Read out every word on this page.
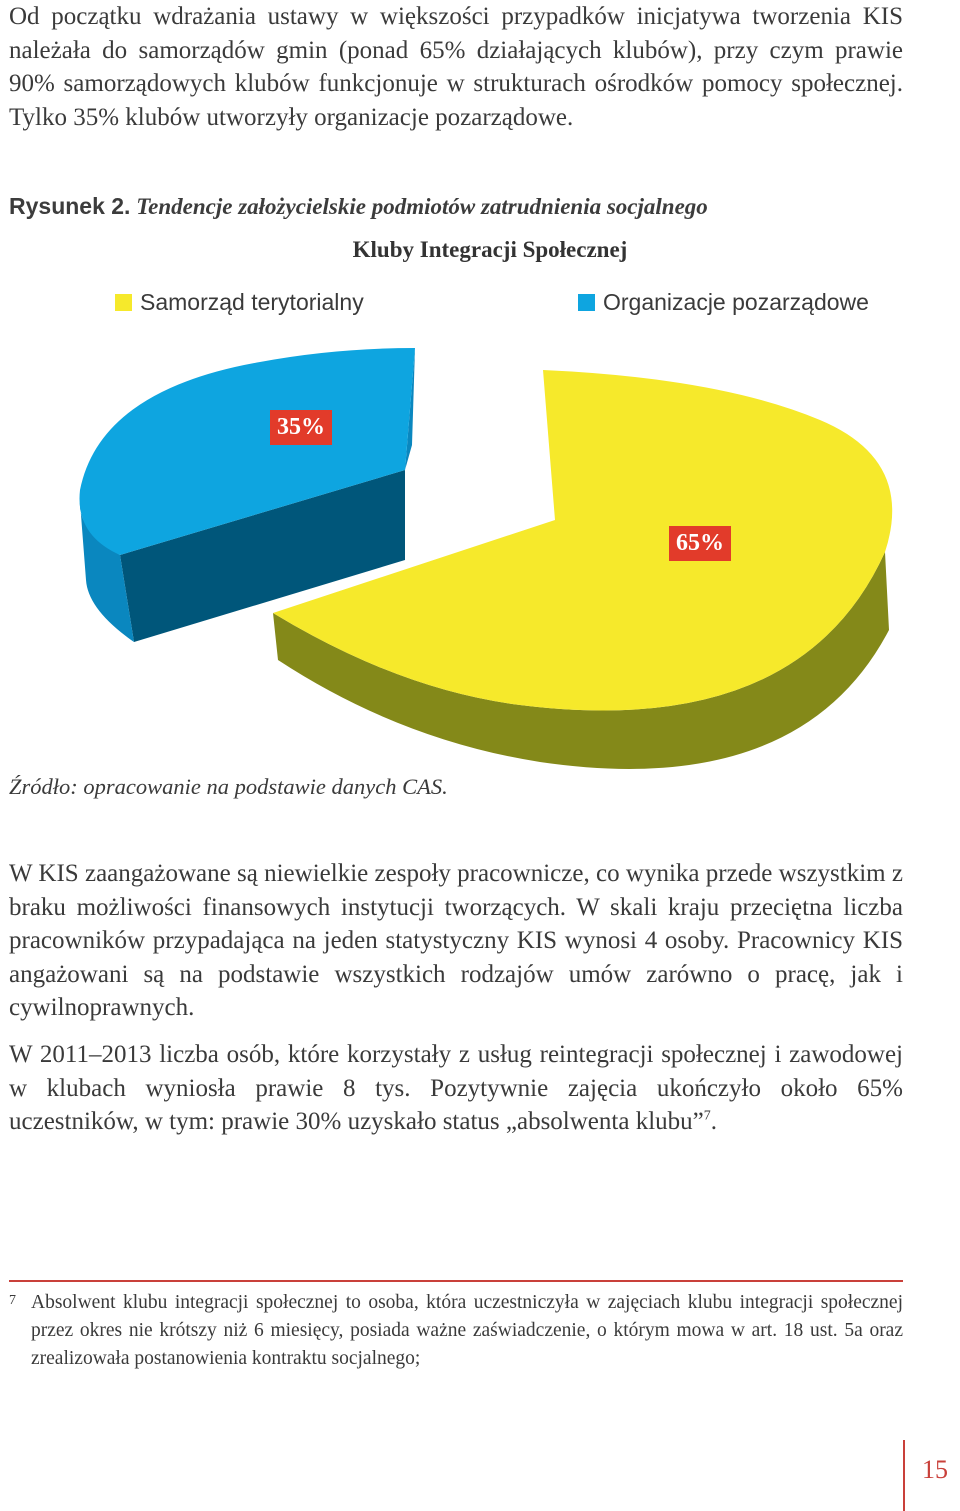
Od początku wdrażania ustawy w większości przypadków inicjatywa tworzenia KIS należała do samorządów gmin (ponad 65% działających klubów), przy czym prawie 90% samorządowych klubów funkcjonuje w strukturach ośrodków pomocy społecznej. Tylko 35% klubów utworzyły organizacje pozarządowe.

Rysunek 2. Tendencje założycielskie podmiotów zatrudnienia socjalnego
Kluby Integracji Społecznej
Samorząd terytorialny	Organizacje pozarządowe
35%
65%
Źródło: opracowanie na podstawie danych CAS.

W KIS zaangażowane są niewielkie zespoły pracownicze, co wynika przede wszystkim z braku możliwości finansowych instytucji tworzących. W skali kraju przeciętna liczba pracowników przypadająca na jeden statystyczny KIS wynosi 4 osoby. Pracownicy KIS angażowani są na podstawie wszystkich rodzajów umów zarówno o pracę, jak i cywilnoprawnych.

W 2011–2013 liczba osób, które korzystały z usług reintegracji społecznej i zawodowej w klubach wyniosła prawie 8 tys. Pozytywnie zajęcia ukończyło około 65% uczestników, w tym: prawie 30% uzyskało status „absolwenta klubu”$^7$.

7 Absolwent klubu integracji społecznej to osoba, która uczestniczyła w zajęciach klubu integracji społecznej przez okres nie krótszy niż 6 miesięcy, posiada ważne zaświadczenie, o którym mowa w art. 18 ust. 5a oraz zrealizowała postanowienia kontraktu socjalnego;
15
